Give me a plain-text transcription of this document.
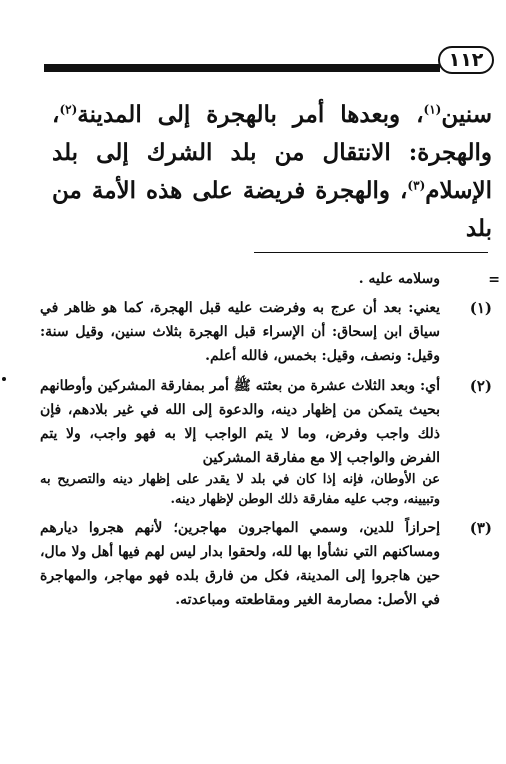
١١٢

سنين$^{(١)}$، وبعدها أمر بالهجرة إلى المدينة$^{(٢)}$، والهجرة: الانتقال من بلد الشرك إلى بلد الإسلام$^{(٣)}$، والهجرة فريضة على هذه الأمة من بلد

=
وسلامه عليه .
(١)

يعني: بعد أن عرج به وفرضت عليه قبل الهجرة، كما هو ظاهر في سياق ابن إسحاق: أن الإسراء قبل الهجرة بثلاث سنين، وقيل سنة: وقيل: ونصف، وقيل: بخمس، فالله أعلم.

(٢)

أي: وبعد الثلاث عشرة من بعثته ﷺ أمر بمفارقة المشركين وأوطانهم بحيث يتمكن من إظهار دينه، والدعوة إلى الله في غير بلادهم، فإن ذلك واجب وفرض، وما لا يتم الواجب إلا به فهو واجب، ولا يتم الفرض والواجب إلا مع مفارقة المشركين

عن الأوطان، فإنه إذا كان في بلد لا يقدر على إظهار دينه والتصريح به وتبيينه، وجب عليه مفارقة ذلك الوطن لإظهار دينه.

(٣)

إحرازاً للدين، وسمي المهاجرون مهاجرين؛ لأنهم هجروا ديارهم ومساكنهم التي نشأوا بها لله، ولحقوا بدار ليس لهم فيها أهل ولا مال، حين هاجروا إلى المدينة، فكل من فارق بلده فهو مهاجر، والمهاجرة في الأصل: مصارمة الغير ومقاطعته ومباعدته.
